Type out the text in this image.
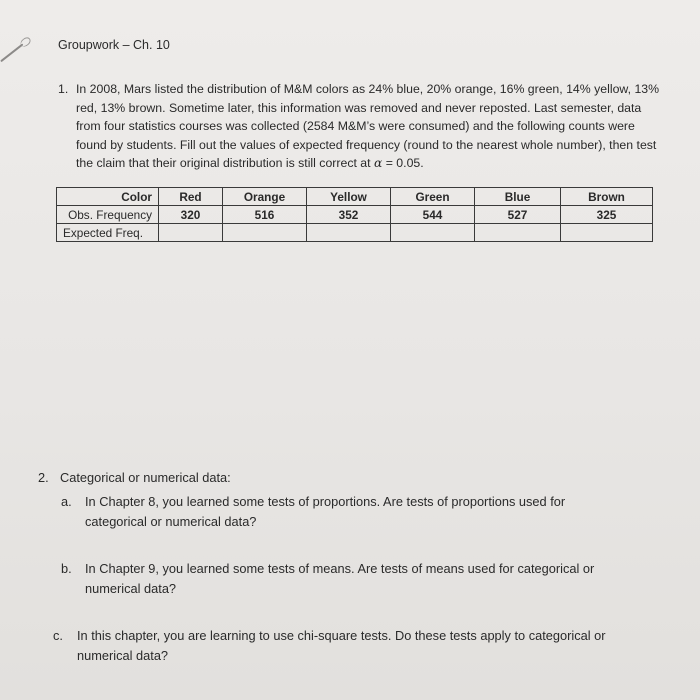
Groupwork – Ch. 10
1. In 2008, Mars listed the distribution of M&M colors as 24% blue, 20% orange, 16% green, 14% yellow, 13% red, 13% brown. Sometime later, this information was removed and never reposted. Last semester, data from four statistics courses was collected (2584 M&M’s were consumed) and the following counts were found by students. Fill out the values of expected frequency (round to the nearest whole number), then test the claim that their original distribution is still correct at α = 0.05.
Color	Red	Orange	Yellow	Green	Blue	Brown
Obs. Frequency	320	516	352	544	527	325
Expected Freq.						
2. Categorical or numerical data:
a. In Chapter 8, you learned some tests of proportions. Are tests of proportions used for categorical or numerical data?
b. In Chapter 9, you learned some tests of means. Are tests of means used for categorical or numerical data?
c. In this chapter, you are learning to use chi-square tests. Do these tests apply to categorical or numerical data?
